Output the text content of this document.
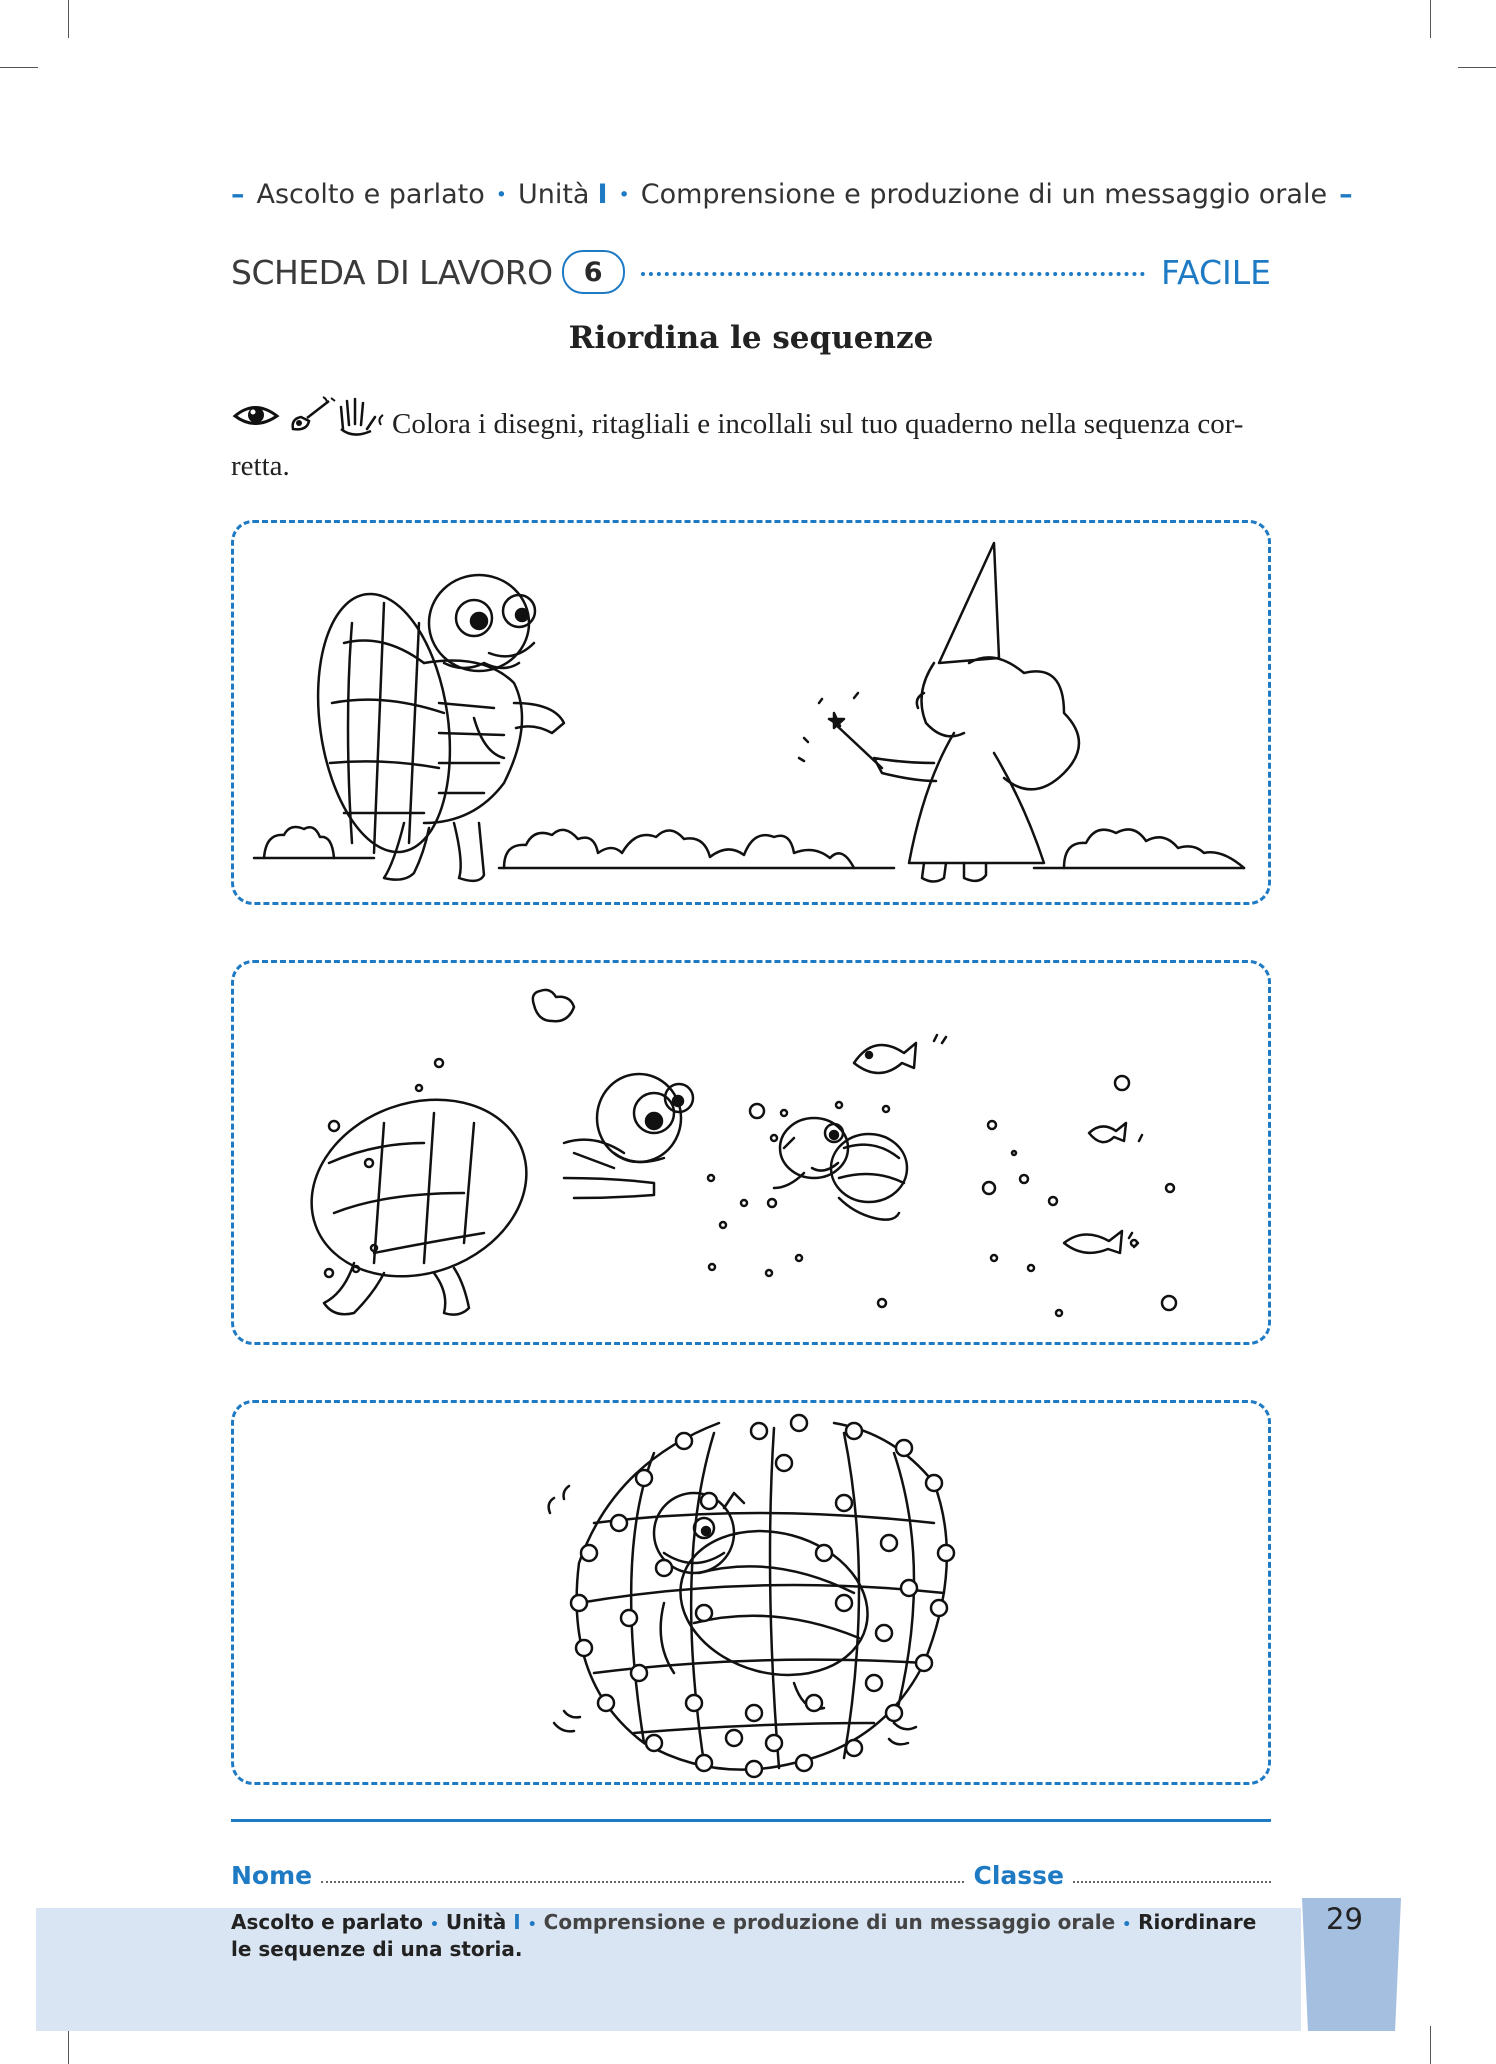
– Ascolto e parlato • Unità I • Comprensione e produzione di un messaggio orale –
SCHEDA DI LAVORO	6	FACILE
Riordina le sequenze
Colora i disegni, ritagliali e incollali sul tuo quaderno nella sequenza cor-retta.
Nome	Classe
Ascolto e parlato • Unità I • Comprensione e produzione di un messaggio orale • Riordinare le sequenze di una storia.
29
